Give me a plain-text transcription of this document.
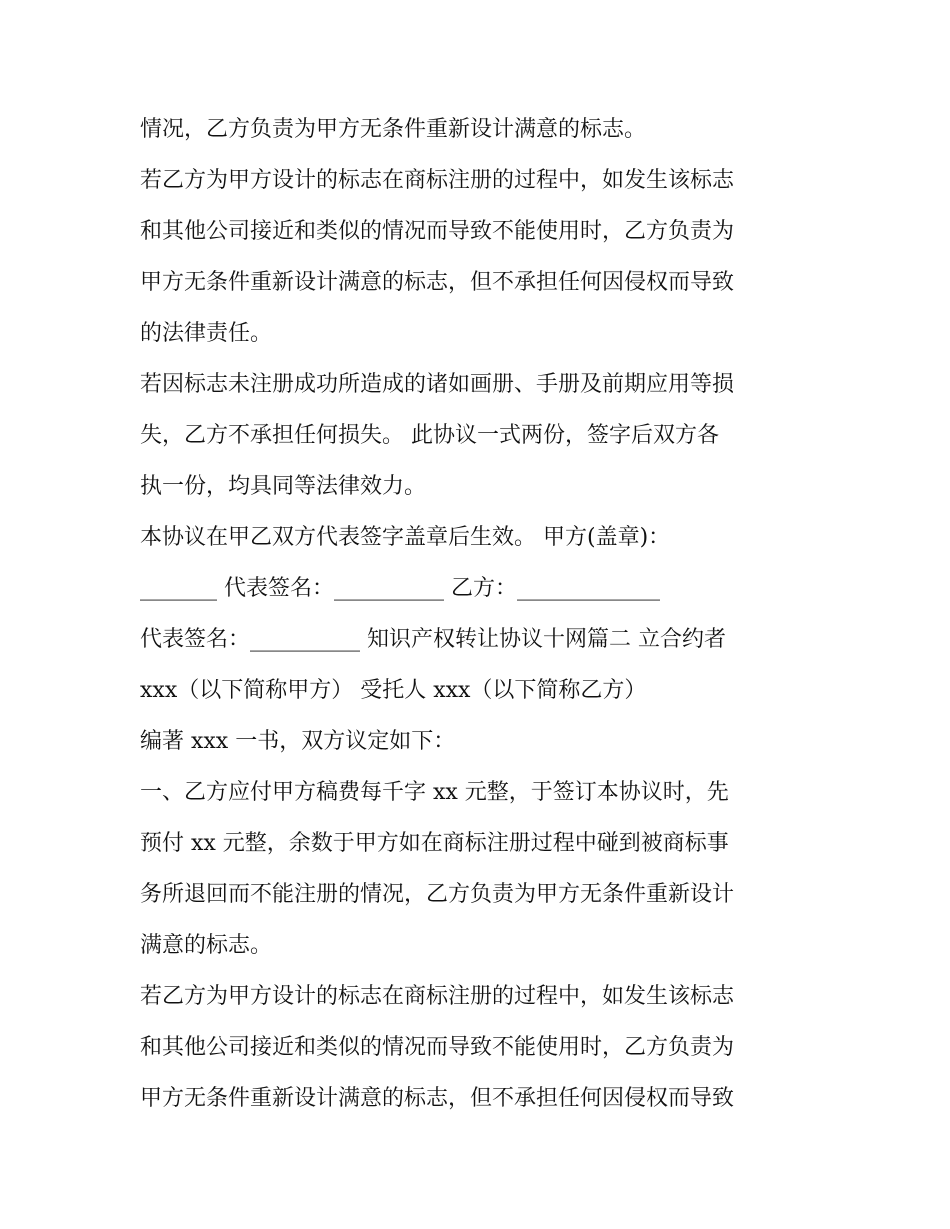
情况，乙方负责为甲方无条件重新设计满意的标志。
若乙方为甲方设计的标志在商标注册的过程中，如发生该标志
和其他公司接近和类似的情况而导致不能使用时，乙方负责为
甲方无条件重新设计满意的标志，但不承担任何因侵权而导致
的法律责任。
若因标志未注册成功所造成的诸如画册、手册及前期应用等损
失，乙方不承担任何损失。 此协议一式两份，签字后双方各
执一份，均具同等法律效力。
本协议在甲乙双方代表签字盖章后生效。 甲方(盖章)：
_______ 代表签名：__________ 乙方：_____________
代表签名：__________ 知识产权转让协议十网篇二 立合约者
xxx（以下简称甲方） 受托人 xxx（以下简称乙方）
编著 xxx 一书，双方议定如下：
一、乙方应付甲方稿费每千字 xx 元整，于签订本协议时，先
预付 xx 元整，余数于甲方如在商标注册过程中碰到被商标事
务所退回而不能注册的情况，乙方负责为甲方无条件重新设计
满意的标志。
若乙方为甲方设计的标志在商标注册的过程中，如发生该标志
和其他公司接近和类似的情况而导致不能使用时，乙方负责为
甲方无条件重新设计满意的标志，但不承担任何因侵权而导致
